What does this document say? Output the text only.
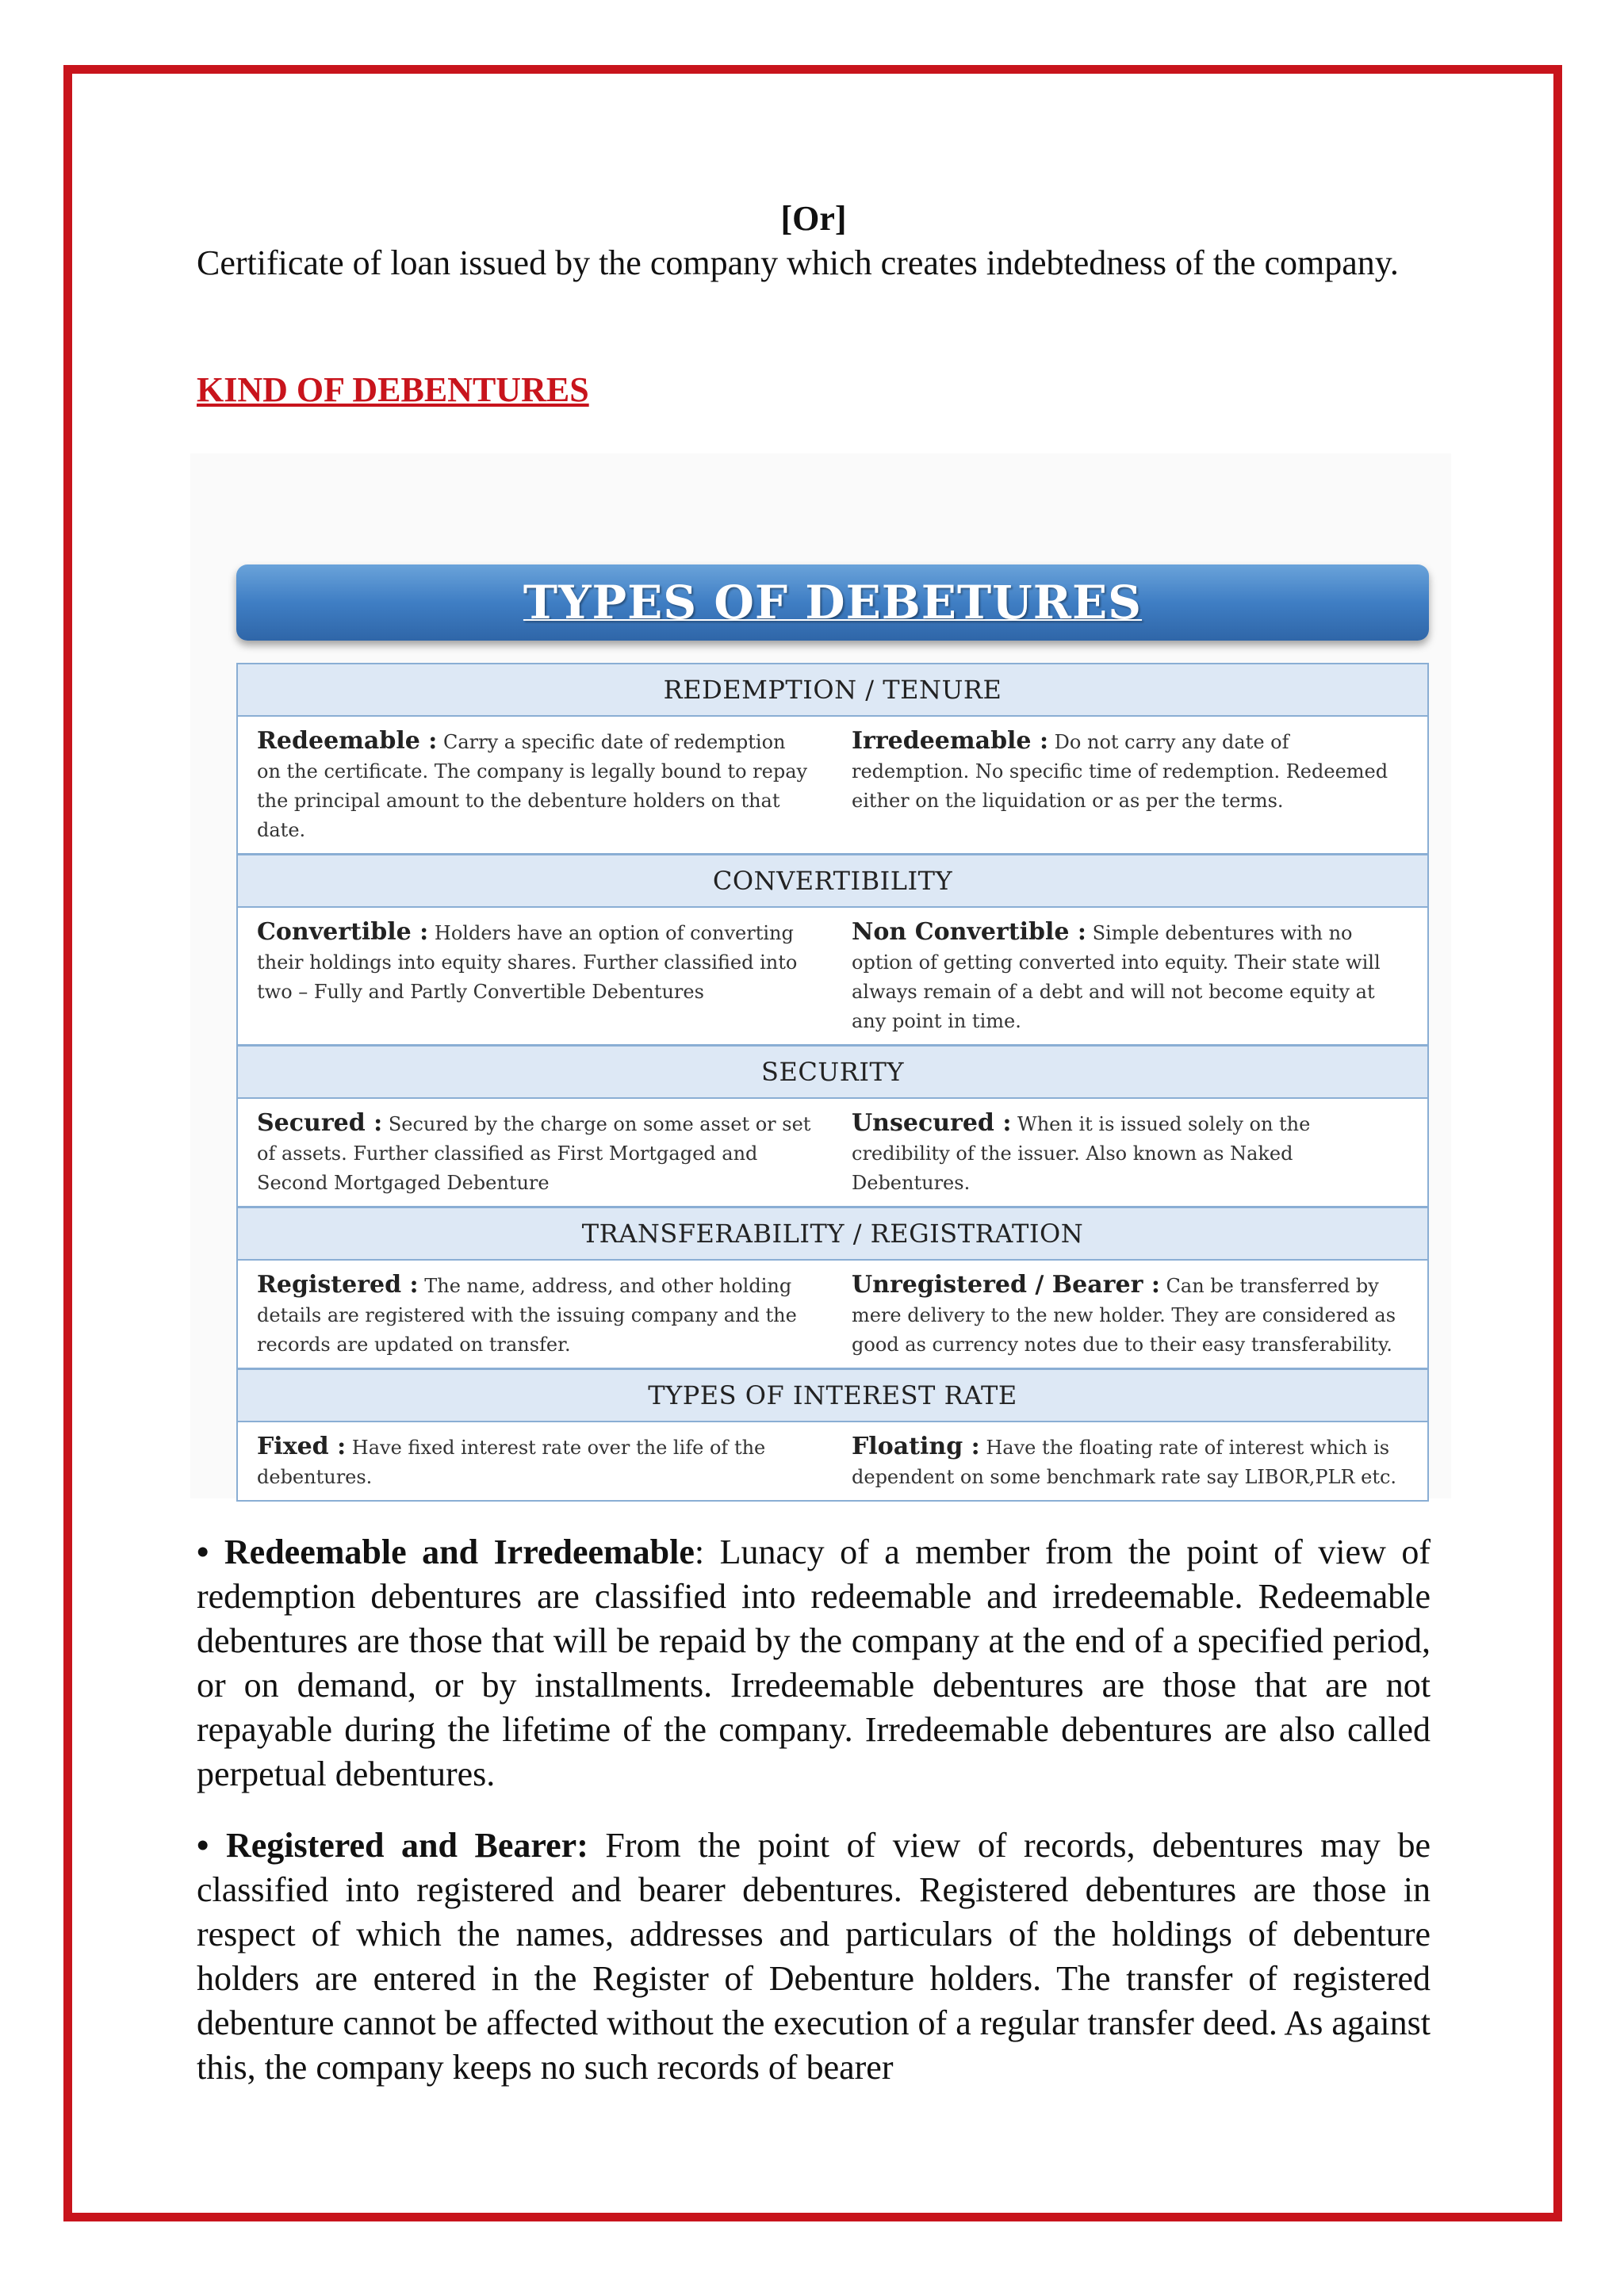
[Or]

Certificate of loan issued by the company which creates indebtedness of the company.

KIND OF DEBENTURES
TYPES OF DEBETURES
REDEMPTION / TENURE
Redeemable : Carry a specific date of redemption on the certificate. The company is legally bound to repay the principal amount to the debenture holders on that date.
Irredeemable : Do not carry any date of redemption. No specific time of redemption. Redeemed either on the liquidation or as per the terms.
CONVERTIBILITY
Convertible : Holders have an option of converting their holdings into equity shares. Further classified into two – Fully and Partly Convertible Debentures
Non Convertible : Simple debentures with no option of getting converted into equity. Their state will always remain of a debt and will not become equity at any point in time.
SECURITY
Secured : Secured by the charge on some asset or set of assets. Further classified as First Mortgaged and Second Mortgaged Debenture
Unsecured : When it is issued solely on the credibility of the issuer. Also known as Naked Debentures.
TRANSFERABILITY / REGISTRATION
Registered : The name, address, and other holding details are registered with the issuing company and the records are updated on transfer.
Unregistered / Bearer : Can be transferred by mere delivery to the new holder. They are considered as good as currency notes due to their easy transferability.
TYPES OF INTEREST RATE
Fixed : Have fixed interest rate over the life of the debentures.
Floating : Have the floating rate of interest which is dependent on some benchmark rate say LIBOR,PLR etc.

• Redeemable and Irredeemable: Lunacy of a member from the point of view of redemption debentures are classified into redeemable and irredeemable. Redeemable debentures are those that will be repaid by the company at the end of a specified period, or on demand, or by installments. Irredeemable debentures are those that are not repayable during the lifetime of the company. Irredeemable debentures are also called perpetual debentures.

• Registered and Bearer: From the point of view of records, debentures may be classified into registered and bearer debentures. Registered debentures are those in respect of which the names, addresses and particulars of the holdings of debenture holders are entered in the Register of Debenture holders. The transfer of registered debenture cannot be affected without the execution of a regular transfer deed. As against this, the company keeps no such records of bearer
